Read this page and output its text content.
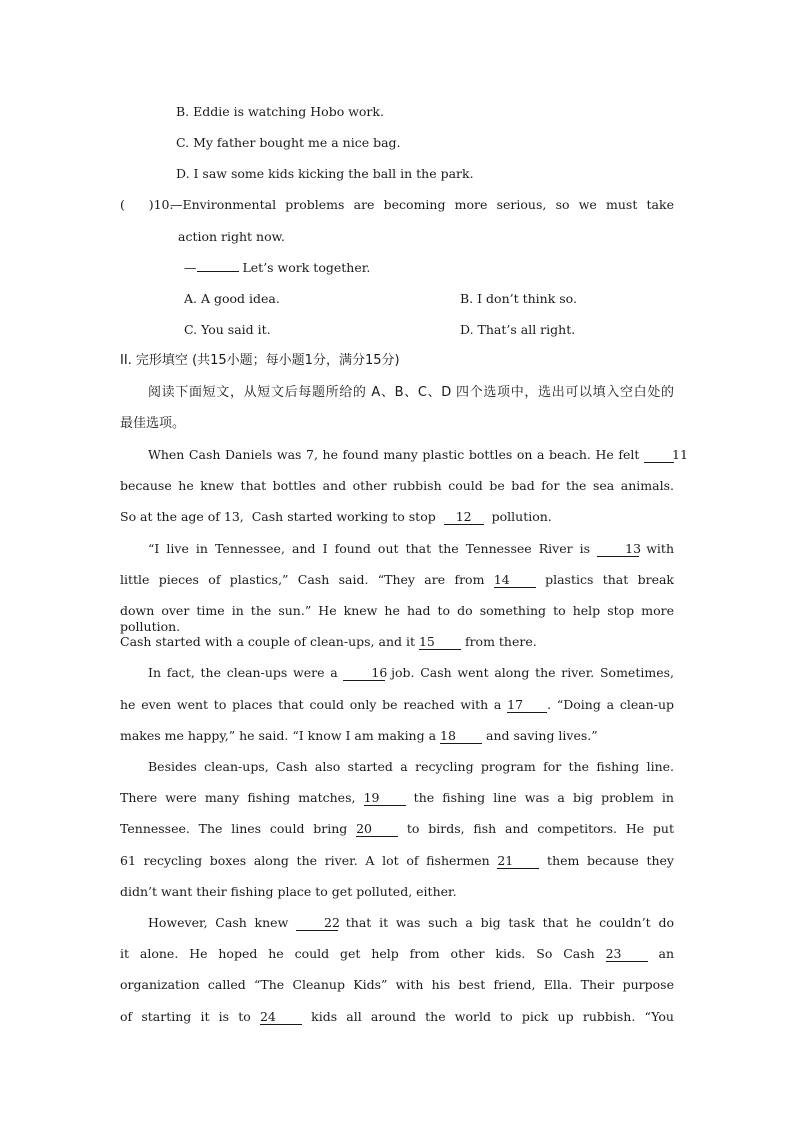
B. Eddie is watching Hobo work.
C. My father bought me a nice bag.
D. I saw some kids kicking the ball in the park.
(      )10.
—Environmental problems are becoming more serious, so we must take
action right now.
—	Let’s work together.
A. A good idea.	B. I don’t think so.
C. You said it.	D. That’s all right.
II. 完形填空 (共15小题；每小题1分，满分15分)
阅读下面短文，从短文后每题所给的 A、B、C、D 四个选项中，选出可以填入空白处的
最佳选项。
When Cash Daniels was 7, he found many plastic bottles on a beach. He felt 11
because he knew that bottles and other rubbish could be bad for the sea animals.
So at the age of 13,  Cash started working to stop  12  pollution.
“I live in Tennessee, and I found out that the Tennessee River is 13 with
little pieces of plastics,” Cash said. “They are from 14 plastics that break
down over time in the sun.” He knew he had to do something to help stop more pollution.
Cash started with a couple of clean-ups, and it 15 from there.
In fact, the clean-ups were a 16 job. Cash went along the river. Sometimes,
he even went to places that could only be reached with a 17 . “Doing a clean-up
makes me happy,” he said. “I know I am making a 18 and saving lives.”
Besides clean-ups, Cash also started a recycling program for the fishing line.
There were many fishing matches, 19 the fishing line was a big problem in
Tennessee. The lines could bring 20 to birds, fish and competitors. He put
61 recycling boxes along the river. A lot of fishermen 21 them because they
didn’t want their fishing place to get polluted, either.
However, Cash knew 22 that it was such a big task that he couldn’t do
it alone. He hoped he could get help from other kids. So Cash 23 an
organization called “The Cleanup Kids” with his best friend, Ella. Their purpose
of starting it is to 24 kids all around the world to pick up rubbish. “You
